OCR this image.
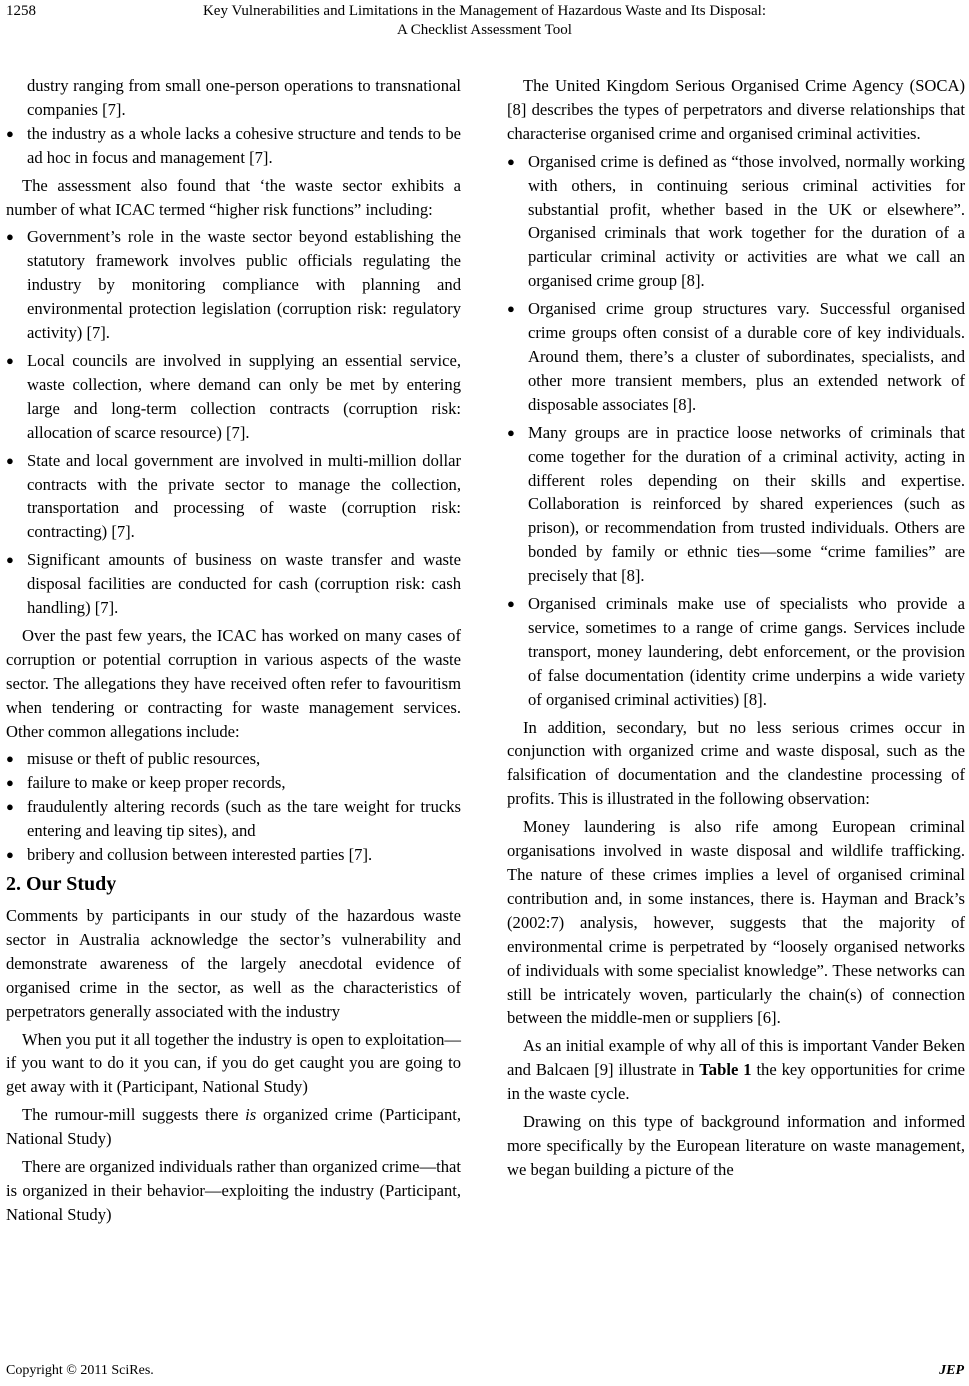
1258	Key Vulnerabilities and Limitations in the Management of Hazardous Waste and Its Disposal:
A Checklist Assessment Tool

dustry ranging from small one-person operations to transnational companies [7].

● the industry as a whole lacks a cohesive structure and tends to be ad hoc in focus and management [7].

The assessment also found that ‘the waste sector exhibits a number of what ICAC termed “higher risk functions” including:

● Government’s role in the waste sector beyond establishing the statutory framework involves public officials regulating the industry by monitoring compliance with planning and environmental protection legislation (corruption risk: regulatory activity) [7].
● Local councils are involved in supplying an essential service, waste collection, where demand can only be met by entering large and long-term collection contracts (corruption risk: allocation of scarce resource) [7].
● State and local government are involved in multi-million dollar contracts with the private sector to manage the collection, transportation and processing of waste (corruption risk: contracting) [7].
● Significant amounts of business on waste transfer and waste disposal facilities are conducted for cash (corruption risk: cash handling) [7].

Over the past few years, the ICAC has worked on many cases of corruption or potential corruption in various aspects of the waste sector. The allegations they have received often refer to favouritism when tendering or contracting for waste management services. Other common allegations include:

● misuse or theft of public resources,
● failure to make or keep proper records,
● fraudulently altering records (such as the tare weight for trucks entering and leaving tip sites), and
● bribery and collusion between interested parties [7].
2. Our Study

Comments by participants in our study of the hazardous waste sector in Australia acknowledge the sector’s vulnerability and demonstrate awareness of the largely anecdotal evidence of organised crime in the sector, as well as the characteristics of perpetrators generally associated with the industry

When you put it all together the industry is open to exploitation—if you want to do it you can, if you do get caught you are going to get away with it (Participant, National Study)

The rumour-mill suggests there is organized crime (Participant, National Study)

There are organized individuals rather than organized crime—that is organized in their behavior—exploiting the industry (Participant, National Study)

The United Kingdom Serious Organised Crime Agency (SOCA) [8] describes the types of perpetrators and diverse relationships that characterise organised crime and organised criminal activities.

● Organised crime is defined as “those involved, normally working with others, in continuing serious criminal activities for substantial profit, whether based in the UK or elsewhere”. Organised criminals that work together for the duration of a particular criminal activity or activities are what we call an organised crime group [8].
● Organised crime group structures vary. Successful organised crime groups often consist of a durable core of key individuals. Around them, there’s a cluster of subordinates, specialists, and other more transient members, plus an extended network of disposable associates [8].
● Many groups are in practice loose networks of criminals that come together for the duration of a criminal activity, acting in different roles depending on their skills and expertise. Collaboration is reinforced by shared experiences (such as prison), or recommendation from trusted individuals. Others are bonded by family or ethnic ties—some “crime families” are precisely that [8].
● Organised criminals make use of specialists who provide a service, sometimes to a range of crime gangs. Services include transport, money laundering, debt enforcement, or the provision of false documentation (identity crime underpins a wide variety of organised criminal activities) [8].

In addition, secondary, but no less serious crimes occur in conjunction with organized crime and waste disposal, such as the falsification of documentation and the clandestine processing of profits. This is illustrated in the following observation:

Money laundering is also rife among European criminal organisations involved in waste disposal and wildlife trafficking. The nature of these crimes implies a level of organised criminal contribution and, in some instances, there is. Hayman and Brack’s (2002:7) analysis, however, suggests that the majority of environmental crime is perpetrated by “loosely organised networks of individuals with some specialist knowledge”. These networks can still be intricately woven, particularly the chain(s) of connection between the middle-men or suppliers [6].

As an initial example of why all of this is important Vander Beken and Balcaen [9] illustrate in Table 1 the key opportunities for crime in the waste cycle.

Drawing on this type of background information and informed more specifically by the European literature on waste management, we began building a picture of the

Copyright © 2011 SciRes.	JEP
